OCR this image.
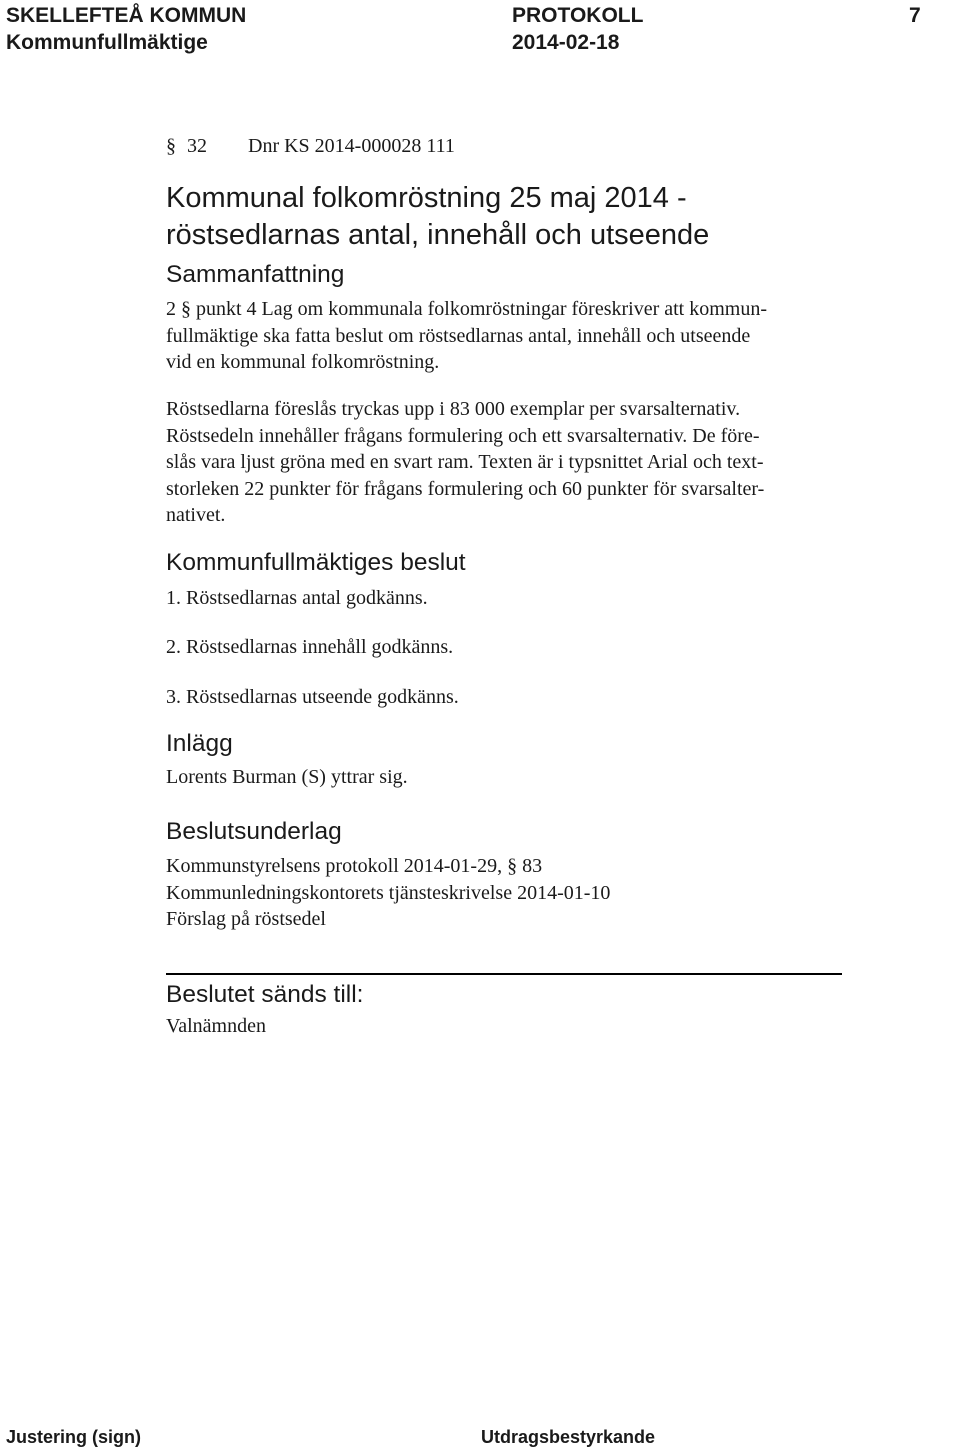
SKELLEFTEÅ KOMMUN	PROTOKOLL	7
Kommunfullmäktige	2014-02-18
§ 32 Dnr KS 2014-000028 111
Kommunal folkomröstning 25 maj 2014 -
röstsedlarnas antal, innehåll och utseende
Sammanfattning
2 § punkt 4 Lag om kommunala folkomröstningar föreskriver att kommun-
fullmäktige ska fatta beslut om röstsedlarnas antal, innehåll och utseende
vid en kommunal folkomröstning.
Röstsedlarna föreslås tryckas upp i 83 000 exemplar per svarsalternativ.
Röstsedeln innehåller frågans formulering och ett svarsalternativ. De före-
slås vara ljust gröna med en svart ram. Texten är i typsnittet Arial och text-
storleken 22 punkter för frågans formulering och 60 punkter för svarsalter-
nativet.
Kommunfullmäktiges beslut
1. Röstsedlarnas antal godkänns.
2. Röstsedlarnas innehåll godkänns.
3. Röstsedlarnas utseende godkänns.
Inlägg
Lorents Burman (S) yttrar sig.
Beslutsunderlag
Kommunstyrelsens protokoll 2014-01-29, § 83
Kommunledningskontorets tjänsteskrivelse 2014-01-10
Förslag på röstsedel
Beslutet sänds till:
Valnämnden
Justering (sign)	Utdragsbestyrkande
